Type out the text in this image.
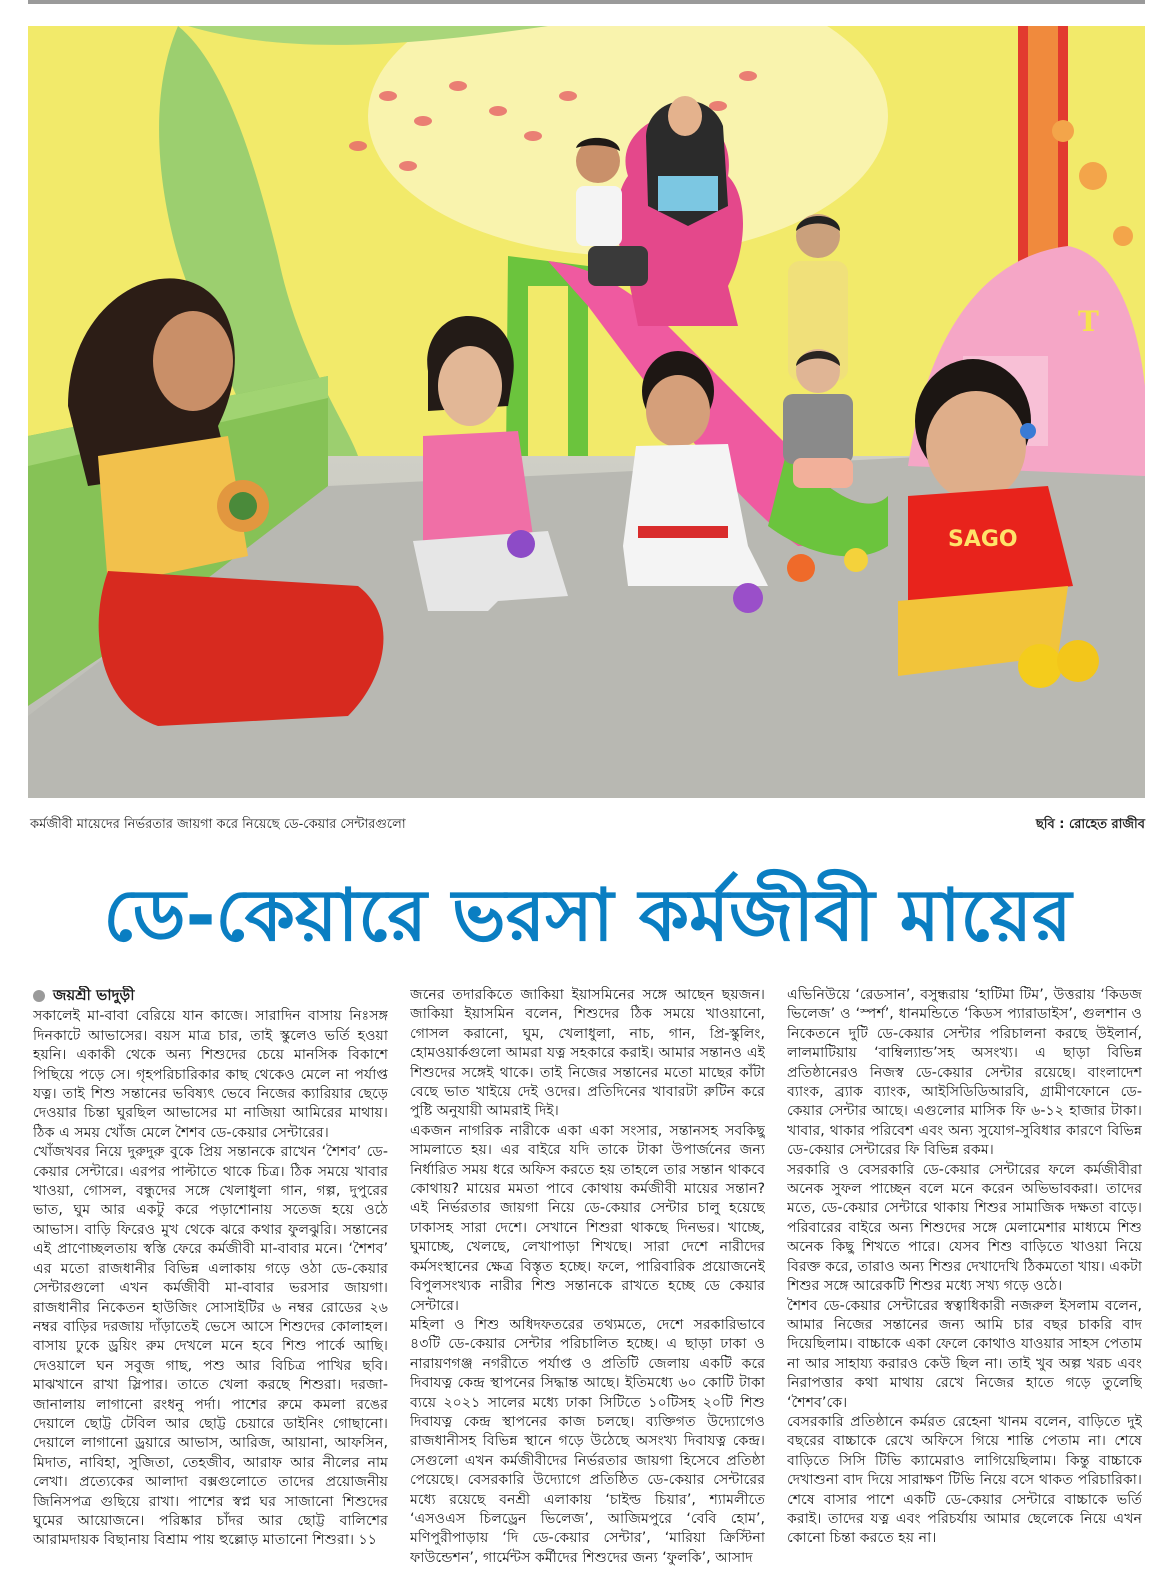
T
SAGO
কর্মজীবী মায়েদের নির্ভরতার জায়গা করে নিয়েছে ডে-কেয়ার সেন্টারগুলো	ছবি : রোহেত রাজীব
ডে-কেয়ারে ভরসা কর্মজীবী মায়ের

জয়শ্রী ভাদুড়ী

সকালেই মা-বাবা বেরিয়ে যান কাজে। সারাদিন বাসায় নিঃসঙ্গ দিনকাটে আভাসের। বয়স মাত্র চার, তাই স্কুলেও ভর্তি হওয়া হয়নি। একাকী থেকে অন্য শিশুদের চেয়ে মানসিক বিকাশে পিছিয়ে পড়ে সে। গৃহপরিচারিকার কাছ থেকেও মেলে না পর্যাপ্ত যত্ন। তাই শিশু সন্তানের ভবিষ্যৎ ভেবে নিজের ক্যারিয়ার ছেড়ে দেওয়ার চিন্তা ঘুরছিল আভাসের মা নাজিয়া আমিরের মাথায়। ঠিক এ সময় খোঁজ মেলে শৈশব ডে-কেয়ার সেন্টারের।

খোঁজখবর নিয়ে দুরুদুরু বুকে প্রিয় সন্তানকে রাখেন ‘শৈশব’ ডে-কেয়ার সেন্টারে। এরপর পাল্টাতে থাকে চিত্র। ঠিক সময়ে খাবার খাওয়া, গোসল, বন্ধুদের সঙ্গে খেলাধুলা গান, গল্প, দুপুরের ভাত, ঘুম আর একটু করে পড়াশোনায় সতেজ হয়ে ওঠে আভাস। বাড়ি ফিরেও মুখ থেকে ঝরে কথার ফুলঝুরি। সন্তানের এই প্রাণোচ্ছলতায় স্বস্তি ফেরে কর্মজীবী মা-বাবার মনে। ‘শৈশব’ এর মতো রাজধানীর বিভিন্ন এলাকায় গড়ে ওঠা ডে-কেয়ার সেন্টারগুলো এখন কর্মজীবী মা-বাবার ভরসার জায়গা। রাজধানীর নিকেতন হাউজিং সোসাইটির ৬ নম্বর রোডের ২৬ নম্বর বাড়ির দরজায় দাঁড়াতেই ভেসে আসে শিশুদের কোলাহল। বাসায় ঢুকে ড্রয়িং রুম দেখলে মনে হবে শিশু পার্কে আছি। দেওয়ালে ঘন সবুজ গাছ, পশু আর বিচিত্র পাখির ছবি। মাঝখানে রাখা স্লিপার। তাতে খেলা করছে শিশুরা। দরজা-জানালায় লাগানো রংধনু পর্দা। পাশের রুমে কমলা রঙের দেয়ালে ছোট্ট টেবিল আর ছোট্ট চেয়ারে ডাইনিং গোছানো। দেয়ালে লাগানো ড্রয়ারে আভাস, আরিজ, আয়ানা, আফসিন, মিদাত, নাবিহা, সুজিতা, তেহজীব, আরাফ আর নীলের নাম লেখা। প্রত্যেকের আলাদা বক্সগুলোতে তাদের প্রয়োজনীয় জিনিসপত্র গুছিয়ে রাখা। পাশের স্বপ্ন ঘর সাজানো শিশুদের ঘুমের আয়োজনে। পরিষ্কার চাঁদর আর ছোট্ট বালিশের আরামদায়ক বিছানায় বিশ্রাম পায় হুল্লোড় মাতানো শিশুরা। ১১

জনের তদারকিতে জাকিয়া ইয়াসমিনের সঙ্গে আছেন ছয়জন। জাকিয়া ইয়াসমিন বলেন, শিশুদের ঠিক সময়ে খাওয়ানো, গোসল করানো, ঘুম, খেলাধুলা, নাচ, গান, প্রি-স্কুলিং, হোমওয়ার্কগুলো আমরা যত্ন সহকারে করাই। আমার সন্তানও এই শিশুদের সঙ্গেই থাকে। তাই নিজের সন্তানের মতো মাছের কাঁটা বেছে ভাত খাইয়ে দেই ওদের। প্রতিদিনের খাবারটা রুটিন করে পুষ্টি অনুযায়ী আমরাই দিই।

একজন নাগরিক নারীকে একা একা সংসার, সন্তানসহ সবকিছু সামলাতে হয়। এর বাইরে যদি তাকে টাকা উপার্জনের জন্য নির্ধারিত সময় ধরে অফিস করতে হয় তাহলে তার সন্তান থাকবে কোথায়? মায়ের মমতা পাবে কোথায় কর্মজীবী মায়ের সন্তান? এই নির্ভরতার জায়গা নিয়ে ডে-কেয়ার সেন্টার চালু হয়েছে ঢাকাসহ সারা দেশে। সেখানে শিশুরা থাকছে দিনভর। খাচ্ছে, ঘুমাচ্ছে, খেলছে, লেখাপাড়া শিখছে। সারা দেশে নারীদের কর্মসংস্থানের ক্ষেত্র বিস্তৃত হচ্ছে। ফলে, পারিবারিক প্রয়োজনেই বিপুলসংখ্যক নারীর শিশু সন্তানকে রাখতে হচ্ছে ডে কেয়ার সেন্টারে।

মহিলা ও শিশু অধিদফতরের তথ্যমতে, দেশে সরকারিভাবে ৪৩টি ডে-কেয়ার সেন্টার পরিচালিত হচ্ছে। এ ছাড়া ঢাকা ও নারায়ণগঞ্জ নগরীতে পর্যাপ্ত ও প্রতিটি জেলায় একটি করে দিবাযত্ন কেন্দ্র স্থাপনের সিদ্ধান্ত আছে। ইতিমধ্যে ৬০ কোটি টাকা ব্যয়ে ২০২১ সালের মধ্যে ঢাকা সিটিতে ১০টিসহ ২০টি শিশু দিবাযত্ন কেন্দ্র স্থাপনের কাজ চলছে। ব্যক্তিগত উদ্যোগেও রাজধানীসহ বিভিন্ন স্থানে গড়ে উঠেছে অসংখ্য দিবাযত্ন কেন্দ্র। সেগুলো এখন কর্মজীবীদের নির্ভরতার জায়গা হিসেবে প্রতিষ্ঠা পেয়েছে। বেসরকারি উদ্যোগে প্রতিষ্ঠিত ডে-কেয়ার সেন্টারের মধ্যে রয়েছে বনশ্রী এলাকায় ‘চাইল্ড চিয়ার’, শ্যামলীতে ‘এসওএস চিলড্রেন ভিলেজ’, আজিমপুরে ‘বেবি হোম’, মণিপুরীপাড়ায় ‘দি ডে-কেয়ার সেন্টার’, ‘মারিয়া ক্রিস্টিনা ফাউন্ডেশন’, গার্মেন্টস কর্মীদের শিশুদের জন্য ‘ফুলকি’, আসাদ

এভিনিউয়ে ‘রেডসান’, বসুন্ধরায় ‘হাটিমা টিম’, উত্তরায় ‘কিডজ ভিলেজ’ ও ‘স্পর্শ’, ধানমন্ডিতে ‘কিডস প্যারাডাইস’, গুলশান ও নিকেতনে দুটি ডে-কেয়ার সেন্টার পরিচালনা করছে উইলার্ন, লালমাটিয়ায় ‘বাম্বিল্যান্ড’সহ অসংখ্য। এ ছাড়া বিভিন্ন প্রতিষ্ঠানেরও নিজস্ব ডে-কেয়ার সেন্টার রয়েছে। বাংলাদেশ ব্যাংক, ব্র্যাক ব্যাংক, আইসিডিডিআরবি, গ্রামীণফোনে ডে-কেয়ার সেন্টার আছে। এগুলোর মাসিক ফি ৬-১২ হাজার টাকা। খাবার, থাকার পরিবেশ এবং অন্য সুযোগ-সুবিধার কারণে বিভিন্ন ডে-কেয়ার সেন্টারের ফি বিভিন্ন রকম।

সরকারি ও বেসরকারি ডে-কেয়ার সেন্টারের ফলে কর্মজীবীরা অনেক সুফল পাচ্ছেন বলে মনে করেন অভিভাবকরা। তাদের মতে, ডে-কেয়ার সেন্টারে থাকায় শিশুর সামাজিক দক্ষতা বাড়ে। পরিবারের বাইরে অন্য শিশুদের সঙ্গে মেলামেশার মাধ্যমে শিশু অনেক কিছু শিখতে পারে। যেসব শিশু বাড়িতে খাওয়া নিয়ে বিরক্ত করে, তারাও অন্য শিশুর দেখাদেখি ঠিকমতো খায়। একটা শিশুর সঙ্গে আরেকটি শিশুর মধ্যে সখ্য গড়ে ওঠে।

শৈশব ডে-কেয়ার সেন্টারের স্বত্বাধিকারী নজরুল ইসলাম বলেন, আমার নিজের সন্তানের জন্য আমি চার বছর চাকরি বাদ দিয়েছিলাম। বাচ্চাকে একা ফেলে কোথাও যাওয়ার সাহস পেতাম না আর সাহায্য করারও কেউ ছিল না। তাই খুব অল্প খরচ এবং নিরাপত্তার কথা মাথায় রেখে নিজের হাতে গড়ে তুলেছি ‘শৈশব’কে।

বেসরকারি প্রতিষ্ঠানে কর্মরত রেহেনা খানম বলেন, বাড়িতে দুই বছরের বাচ্চাকে রেখে অফিসে গিয়ে শান্তি পেতাম না। শেষে বাড়িতে সিসি টিভি ক্যামেরাও লাগিয়েছিলাম। কিন্তু বাচ্চাকে দেখাশুনা বাদ দিয়ে সারাক্ষণ টিভি নিয়ে বসে থাকত পরিচারিকা। শেষে বাসার পাশে একটি ডে-কেয়ার সেন্টারে বাচ্চাকে ভর্তি করাই। তাদের যত্ন এবং পরিচর্যায় আমার ছেলেকে নিয়ে এখন কোনো চিন্তা করতে হয় না।
